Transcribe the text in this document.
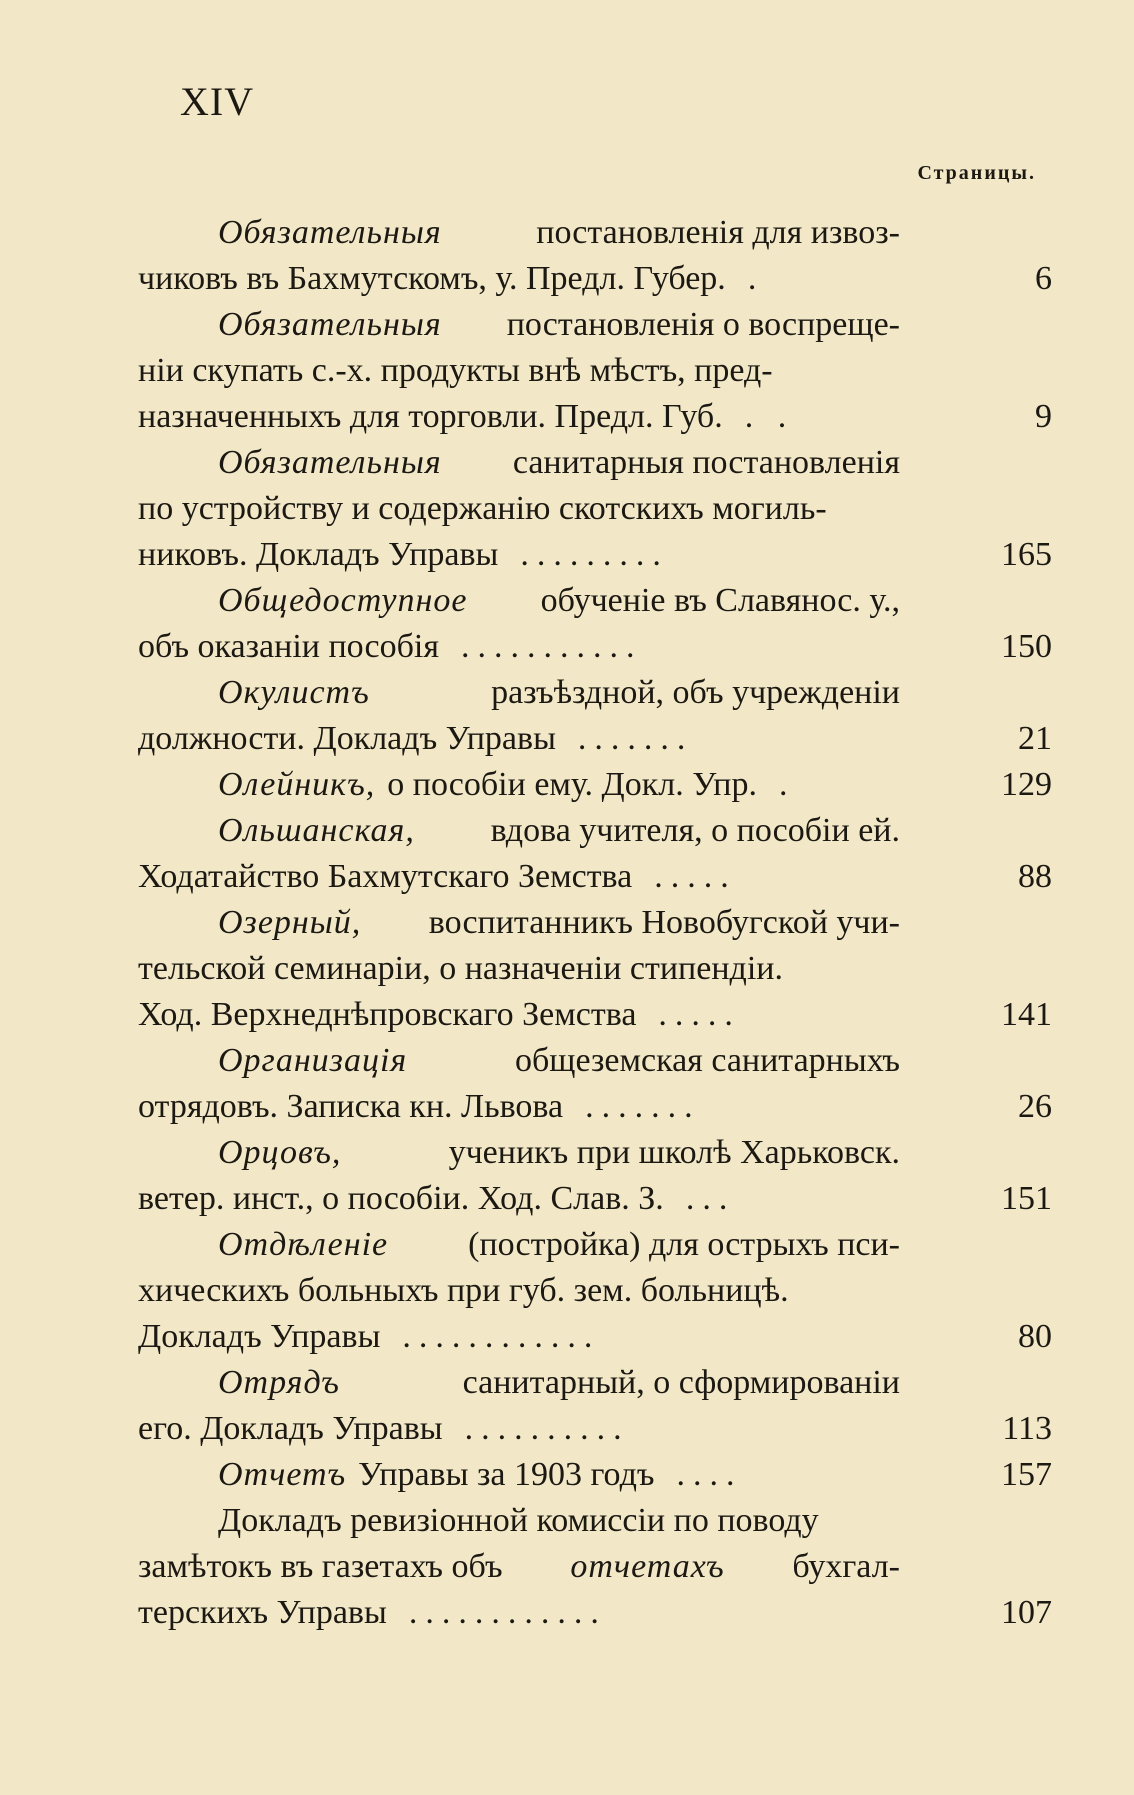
XIV
Страницы.
Обязательныя	постановленія для извоз-
чиковъ въ Бахмутскомъ, у. Предл. Губер. .	6
Обязательныя постановленія о воспреще-
ніи скупать с.-х. продукты внѣ мѣстъ, пред-
назначенныхъ для торговли. Предл. Губ. . .	9
Обязательныя санитарныя постановленія
по устройству и содержанію скотскихъ могиль-
никовъ. Докладъ Управы .........	165
Общедоступное обученіе въ Славянос. у.,
объ оказаніи пособія ...........	150
Окулистъ	разъѣздной, объ учрежденіи
должности. Докладъ Управы .......	21
Олейникъ, о пособіи ему. Докл. Упр. .	129
Ольшанская, вдова учителя, о пособіи ей.
Ходатайство Бахмутскаго Земства .....	88
Озерный, воспитанникъ Новобугской учи-
тельской семинаріи, о назначеніи стипендіи.
Ход. Верхнеднѣпровскаго Земства .....	141
Организація	общеземская санитарныхъ
отрядовъ. Записка кн. Львова .......	26
Орцовъ,	ученикъ при школѣ Харьковск.
ветер. инст., о пособіи. Ход. Слав. З. ...	151
Отдѣленіе (постройка) для острыхъ пси-
хическихъ больныхъ при губ. зем. больницѣ.
Докладъ Управы ............	80
Отрядъ	санитарный, о сформированіи
его. Докладъ Управы ..........	113
Отчетъ Управы за 1903 годъ ....	157
Докладъ ревизіонной комиссіи по поводу
замѣтокъ въ газетахъ объ отчетахъ бухгал-
терскихъ Управы ............	107
